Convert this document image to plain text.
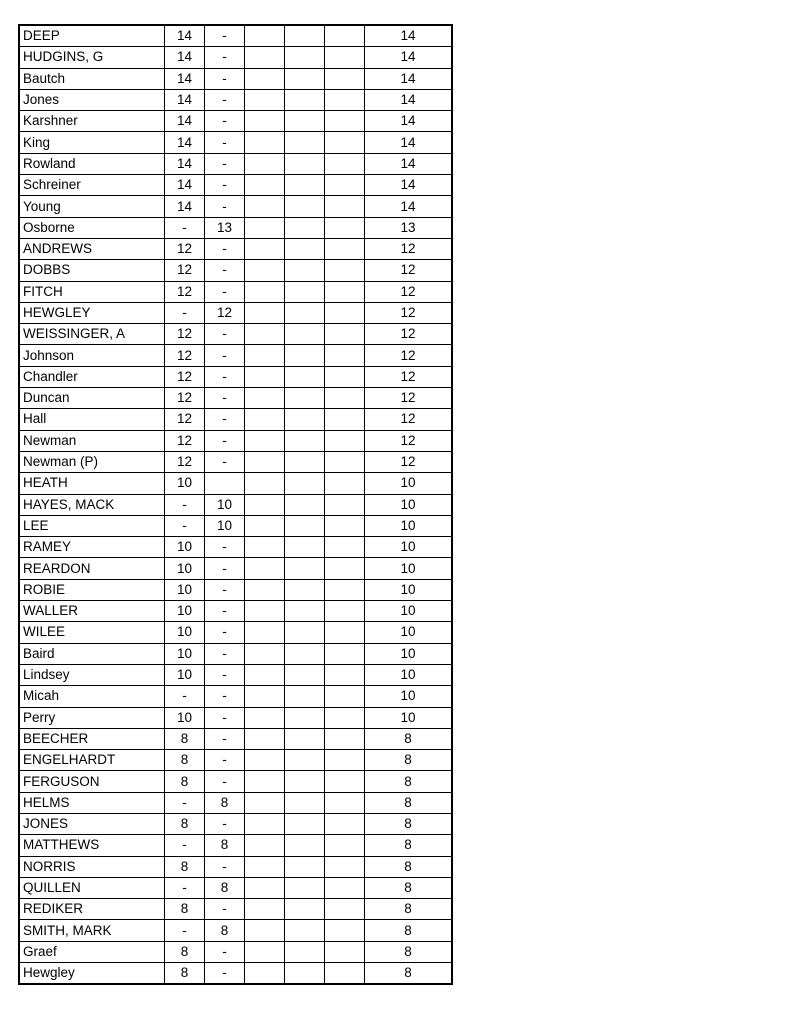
DEEP	14	-				14
HUDGINS, G	14	-				14
Bautch	14	-				14
Jones	14	-				14
Karshner	14	-				14
King	14	-				14
Rowland	14	-				14
Schreiner	14	-				14
Young	14	-				14
Osborne	-	13				13
ANDREWS	12	-				12
DOBBS	12	-				12
FITCH	12	-				12
HEWGLEY	-	12				12
WEISSINGER, A	12	-				12
Johnson	12	-				12
Chandler	12	-				12
Duncan	12	-				12
Hall	12	-				12
Newman	12	-				12
Newman (P)	12	-				12
HEATH	10					10
HAYES, MACK	-	10				10
LEE	-	10				10
RAMEY	10	-				10
REARDON	10	-				10
ROBIE	10	-				10
WALLER	10	-				10
WILEE	10	-				10
Baird	10	-				10
Lindsey	10	-				10
Micah	-	-				10
Perry	10	-				10
BEECHER	8	-				8
ENGELHARDT	8	-				8
FERGUSON	8	-				8
HELMS	-	8				8
JONES	8	-				8
MATTHEWS	-	8				8
NORRIS	8	-				8
QUILLEN	-	8				8
REDIKER	8	-				8
SMITH, MARK	-	8				8
Graef	8	-				8
Hewgley	8	-				8
